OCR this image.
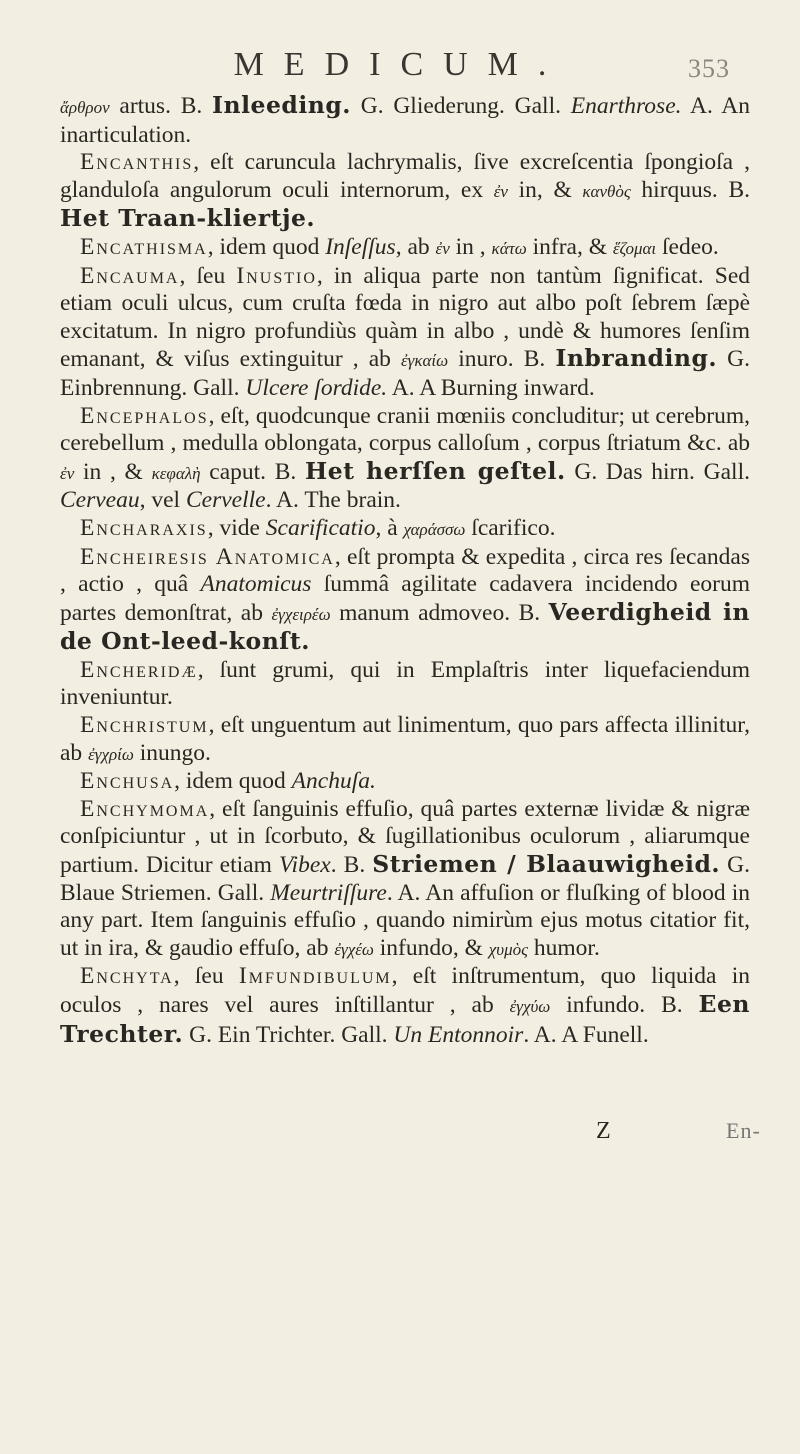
MEDICUM.	353

ἄρθρον artus. B. Inleeding. G. Gliederung. Gall. Enarthrose. A. An inarticulation.

Encanthis, eſt caruncula lachrymalis, ſive excreſcentia ſpongioſa , glanduloſa angulorum oculi internorum, ex ἐν in, & κανθὸς hirquus. B. Het Traan-kliertje.

Encathisma, idem quod Inſeſſus, ab ἐν in , κάτω infra, & ἕζομαι ſedeo.

Encauma, ſeu Inustio, in aliqua parte non tantùm ſignificat. Sed etiam oculi ulcus, cum cruſta fœda in nigro aut albo poſt ſebrem ſæpè excitatum. In nigro profundiùs quàm in albo , undè & humores ſenſim emanant, & viſus extinguitur , ab ἐγκαίω inuro. B. Inbranding. G. Einbrennung. Gall. Ulcere ſordide. A. A Burning inward.

Encephalos, eſt, quodcunque cranii mœniis concluditur; ut cerebrum, cerebellum , medulla oblongata, corpus calloſum , corpus ſtriatum &c. ab ἐν in , & κεφαλὴ caput. B. Het herſſen geſtel. G. Das hirn. Gall. Cerveau, vel Cervelle. A. The brain.

Encharaxis, vide Scarificatio, à χαράσσω ſcarifico.

Encheiresis Anatomica, eſt prompta & expedita , circa res ſecandas , actio , quâ Anatomicus ſummâ agilitate cadavera incidendo eorum partes demonſtrat, ab ἐγχειρέω manum admoveo. B. Veerdigheid in de Ont-leed-konſt.

Encheridæ, ſunt grumi, qui in Emplaſtris inter liquefaciendum inveniuntur.

Enchristum, eſt unguentum aut linimentum, quo pars affecta illinitur, ab ἐγχρίω inungo.

Enchusa, idem quod Anchuſa.

Enchymoma, eſt ſanguinis effuſio, quâ partes externæ lividæ & nigræ conſpiciuntur , ut in ſcorbuto, & ſugillationibus oculorum , aliarumque partium. Dicitur etiam Vibex. B. Striemen / Blaauwigheid. G. Blaue Striemen. Gall. Meurtriſſure. A. An affuſion or fluſking of blood in any part. Item ſanguinis effuſio , quando nimirùm ejus motus citatior fit, ut in ira, & gaudio effuſo, ab ἐγχέω infundo, & χυμὸς humor.

Enchyta, ſeu Imfundibulum, eſt inſtrumentum, quo liquida in oculos , nares vel aures inſtillantur , ab ἐγχύω infundo. B. Een Trechter. G. Ein Trichter. Gall. Un Entonnoir. A. A Funell.

Z	En-
